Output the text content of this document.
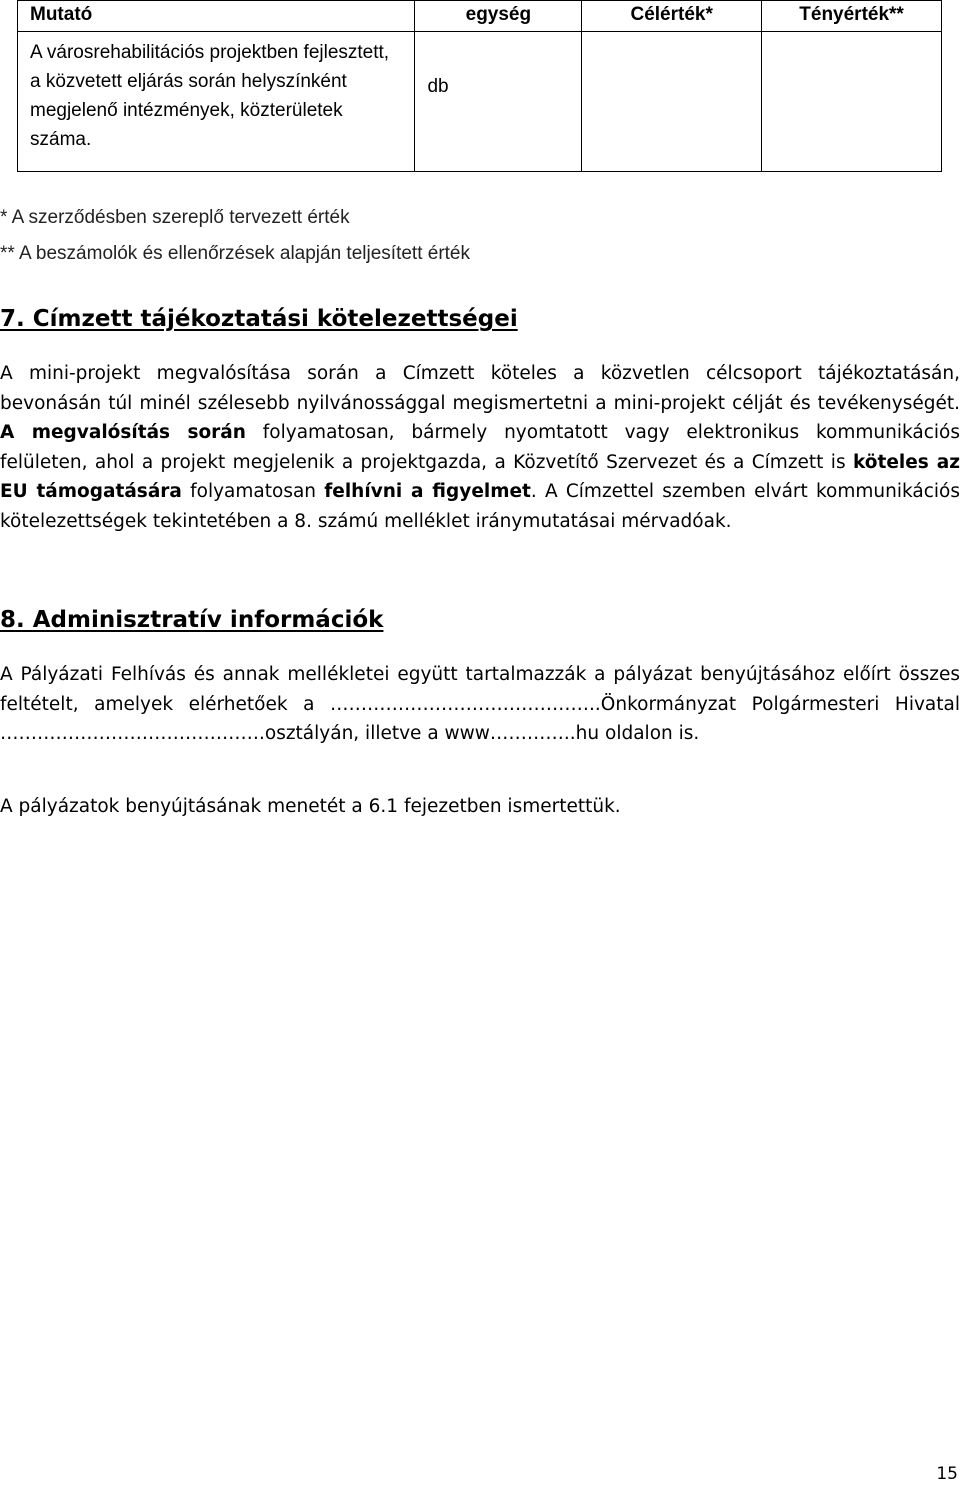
Mutató	egység	Célérték*	Tényérték**
A városrehabilitációs projektben fejlesztett, a közvetett eljárás során helyszínként megjelenő intézmények, közterületek száma.	db		

* A szerződésben szereplő tervezett érték

** A beszámolók és ellenőrzések alapján teljesített érték

7. Címzett tájékoztatási kötelezettségei

A mini-projekt megvalósítása során a Címzett köteles a közvetlen célcsoport tájékoztatásán, bevonásán túl minél szélesebb nyilvánossággal megismertetni a mini-projekt célját és tevékenységét. A megvalósítás során folyamatosan, bármely nyomtatott vagy elektronikus kommunikációs felületen, ahol a projekt megjelenik a projektgazda, a Közvetítő Szervezet és a Címzett is köteles az EU támogatására folyamatosan felhívni a figyelmet. A Címzettel szemben elvárt kommunikációs kötelezettségek tekintetében a 8. számú melléklet iránymutatásai mérvadóak.

8. Adminisztratív információk

A Pályázati Felhívás és annak mellékletei együtt tartalmazzák a pályázat benyújtásához előírt összes feltételt, amelyek elérhetőek a ……………………………………..Önkormányzat Polgármesteri Hivatal …………………………………….osztályán, illetve a www…………..hu oldalon is.

A pályázatok benyújtásának menetét a 6.1 fejezetben ismertettük.

15
